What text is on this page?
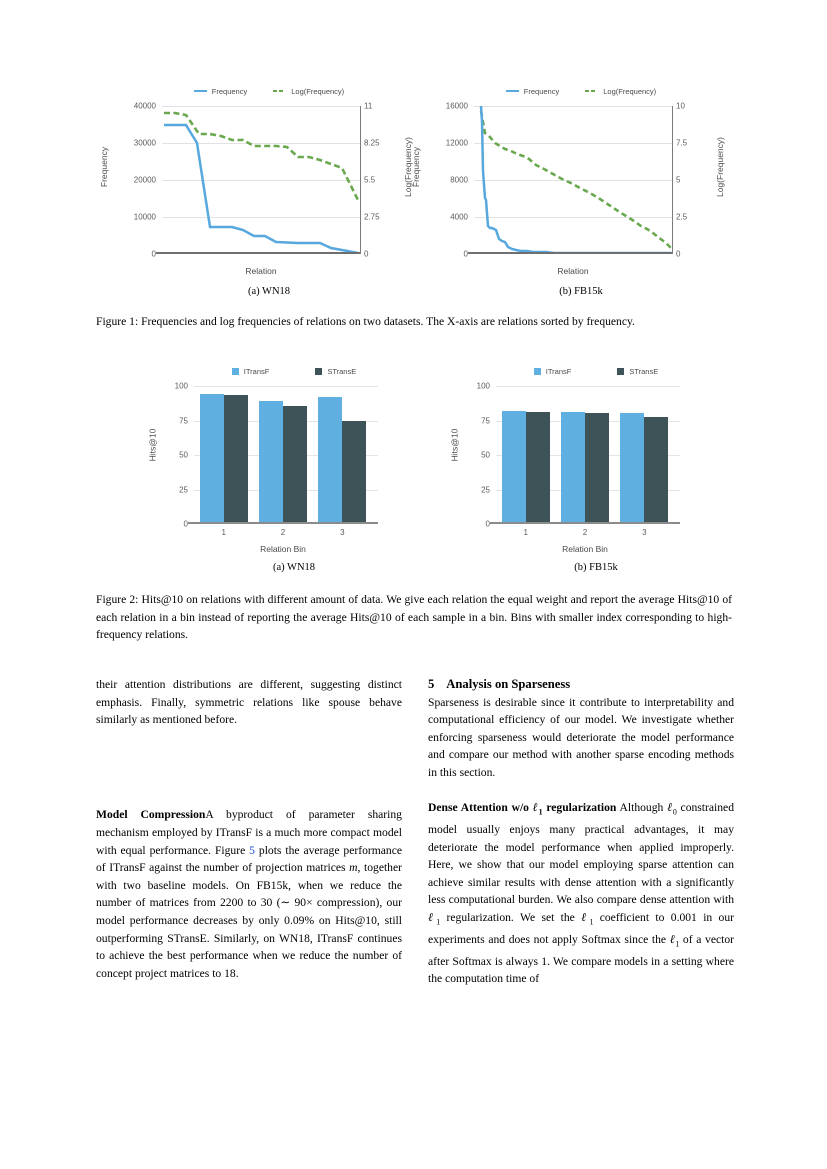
Frequency	Log(Frequency)
40000
30000
20000
10000
0
11
8.25
5.5
2.75
0
Frequency	Log(Frequency)
Relation
(a) WN18
Frequency	Log(Frequency)
16000
12000
8000
4000
0
10
7.5
5
2.5
0
Frequency	Log(Frequency)
Relation
(b) FB15k
Figure 1: Frequencies and log frequencies of relations on two datasets. The X-axis are relations sorted by frequency.
ITransF	STransE
100
75
50
25
0
Hits@10
1	2	3
Relation Bin
(a) WN18
ITransF	STransE
100
75
50
25
0
Hits@10
1	2	3
Relation Bin
(b) FB15k
Figure 2: Hits@10 on relations with different amount of data. We give each relation the equal weight and report the average Hits@10 of each relation in a bin instead of reporting the average Hits@10 of each sample in a bin. Bins with smaller index corresponding to high-frequency relations.

their attention distributions are different, suggesting distinct emphasis. Finally, symmetric relations like spouse behave similarly as mentioned before.

Model CompressionA byproduct of parameter sharing mechanism employed by ITransF is a much more compact model with equal performance. Figure 5 plots the average performance of ITransF against the number of projection matrices m, together with two baseline models. On FB15k, when we reduce the number of matrices from 2200 to 30 (∼ 90× compression), our model performance decreases by only 0.09% on Hits@10, still outperforming STransE. Similarly, on WN18, ITransF continues to achieve the best performance when we reduce the number of concept project matrices to 18.

5 Analysis on Sparseness

Sparseness is desirable since it contribute to interpretability and computational efficiency of our model. We investigate whether enforcing sparseness would deteriorate the model performance and compare our method with another sparse encoding methods in this section.

Dense Attention w/o ℓ$_1$ regularization Although ℓ$_0$ constrained model usually enjoys many practical advantages, it may deteriorate the model performance when applied improperly. Here, we show that our model employing sparse attention can achieve similar results with dense attention with a significantly less computational burden. We also compare dense attention with ℓ$_1$ regularization. We set the ℓ$_1$ coefficient to 0.001 in our experiments and does not apply Softmax since the ℓ$_1$ of a vector after Softmax is always 1. We compare models in a setting where the computation time of
